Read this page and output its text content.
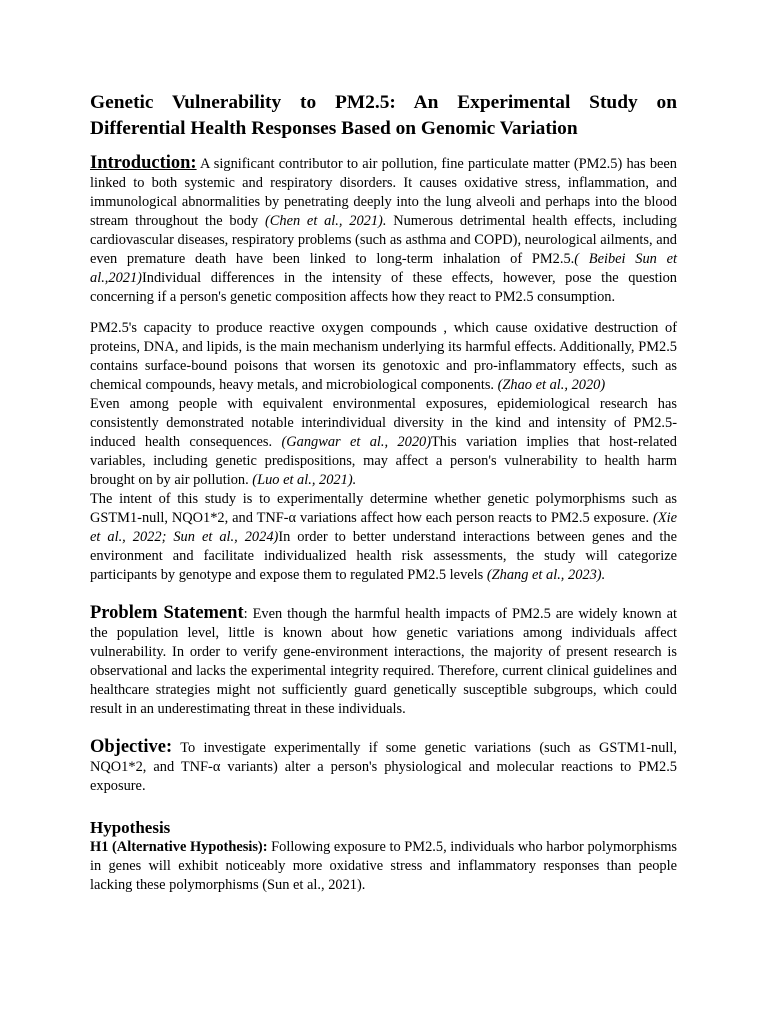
Genetic Vulnerability to PM2.5: An Experimental Study on Differential Health Responses Based on Genomic Variation

Introduction: A significant contributor to air pollution, fine particulate matter (PM2.5) has been linked to both systemic and respiratory disorders. It causes oxidative stress, inflammation, and immunological abnormalities by penetrating deeply into the lung alveoli and perhaps into the blood stream throughout the body (Chen et al., 2021). Numerous detrimental health effects, including cardiovascular diseases, respiratory problems (such as asthma and COPD), neurological ailments, and even premature death have been linked to long-term inhalation of PM2.5.( Beibei Sun et al.,2021)Individual differences in the intensity of these effects, however, pose the question concerning if a person's genetic composition affects how they react to PM2.5 consumption.

PM2.5's capacity to produce reactive oxygen compounds , which cause oxidative destruction of proteins, DNA, and lipids, is the main mechanism underlying its harmful effects. Additionally, PM2.5 contains surface-bound poisons that worsen its genotoxic and pro-inflammatory effects, such as chemical compounds, heavy metals, and microbiological components. (Zhao et al., 2020)

Even among people with equivalent environmental exposures, epidemiological research has consistently demonstrated notable interindividual diversity in the kind and intensity of PM2.5-induced health consequences. (Gangwar et al., 2020)This variation implies that host-related variables, including genetic predispositions, may affect a person's vulnerability to health harm brought on by air pollution. (Luo et al., 2021).

The intent of this study is to experimentally determine whether genetic polymorphisms such as GSTM1-null, NQO1*2, and TNF-α variations affect how each person reacts to PM2.5 exposure. (Xie et al., 2022; Sun et al., 2024)In order to better understand interactions between genes and the environment and facilitate individualized health risk assessments, the study will categorize participants by genotype and expose them to regulated PM2.5 levels (Zhang et al., 2023).

Problem Statement: Even though the harmful health impacts of PM2.5 are widely known at the population level, little is known about how genetic variations among individuals affect vulnerability. In order to verify gene-environment interactions, the majority of present research is observational and lacks the experimental integrity required. Therefore, current clinical guidelines and healthcare strategies might not sufficiently guard genetically susceptible subgroups, which could result in an underestimating threat in these individuals.

Objective: To investigate experimentally if some genetic variations (such as GSTM1-null, NQO1*2, and TNF-α variants) alter a person's physiological and molecular reactions to PM2.5 exposure.

Hypothesis

H1 (Alternative Hypothesis): Following exposure to PM2.5, individuals who harbor polymorphisms in genes will exhibit noticeably more oxidative stress and inflammatory responses than people lacking these polymorphisms (Sun et al., 2021).
